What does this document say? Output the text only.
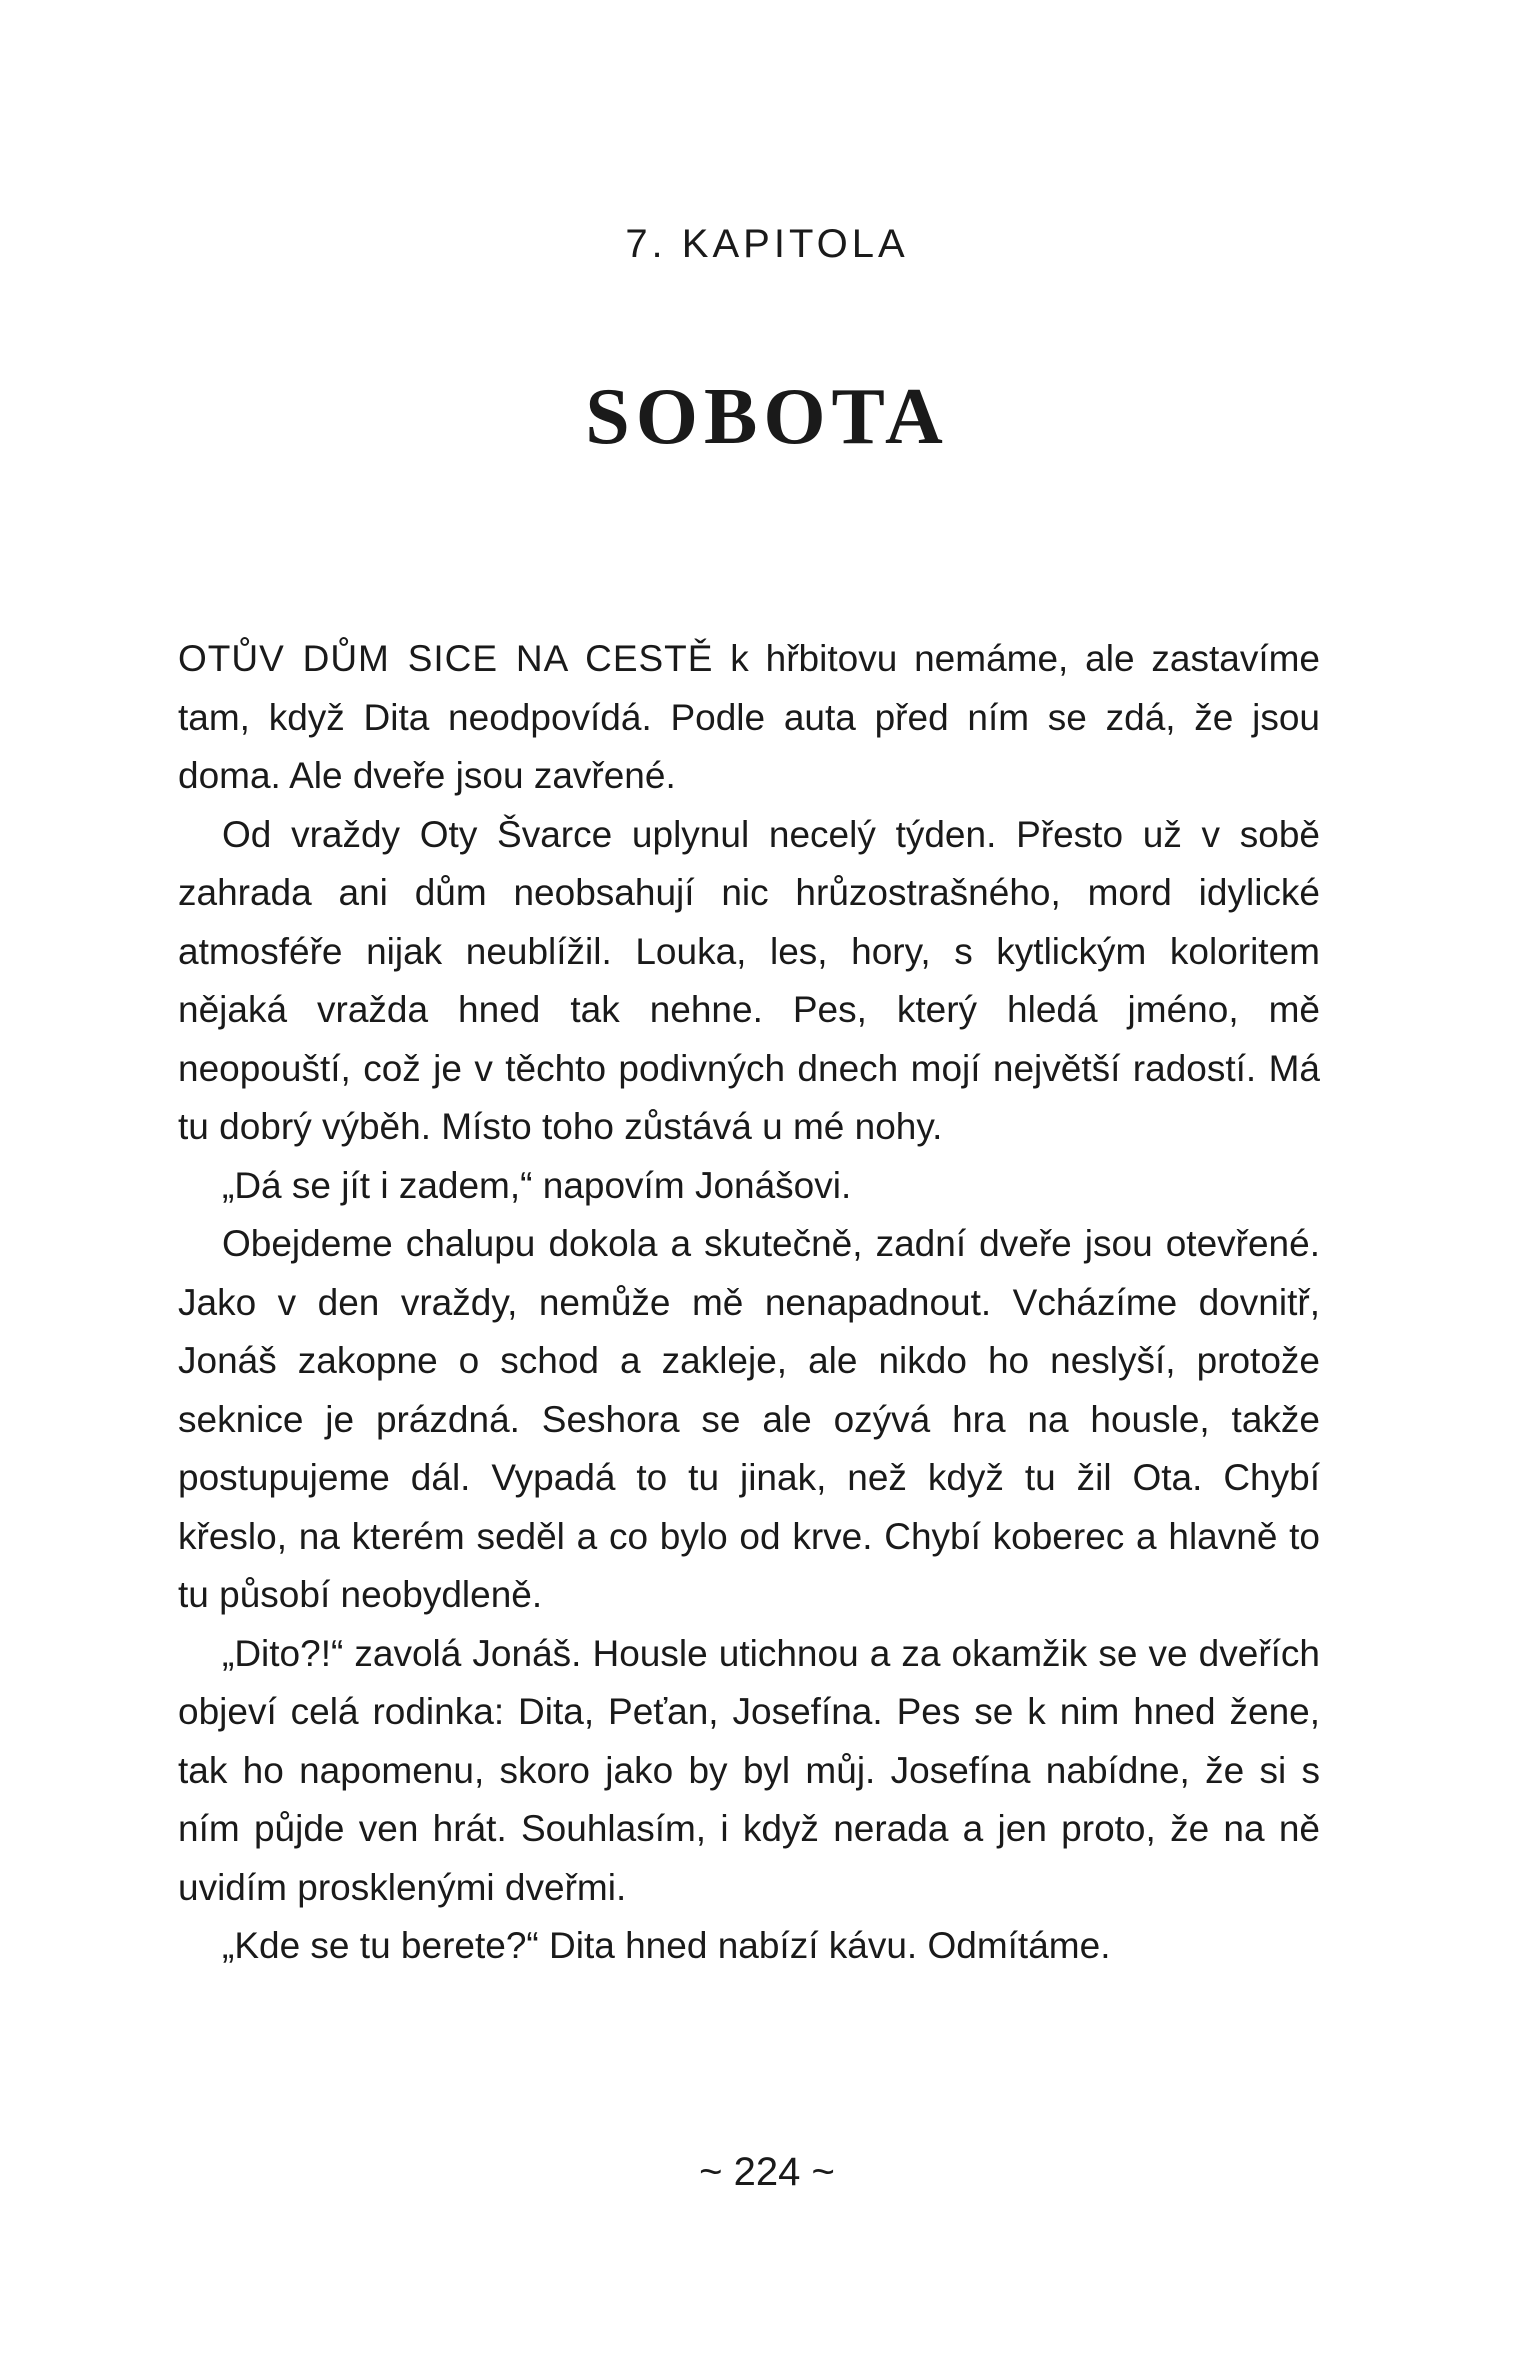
7. KAPITOLA
SOBOTA

OTŮV DŮM SICE NA CESTĚ k hřbitovu nemáme, ale zastavíme tam, když Dita neodpovídá. Podle auta před ním se zdá, že jsou doma. Ale dveře jsou zavřené.

Od vraždy Oty Švarce uplynul necelý týden. Přesto už v sobě zahrada ani dům neobsahují nic hrůzostrašného, mord idylické atmosféře nijak neublížil. Louka, les, hory, s kytlickým koloritem nějaká vražda hned tak nehne. Pes, který hledá jméno, mě neopouští, což je v těchto podivných dnech mojí největší radostí. Má tu dobrý výběh. Místo toho zůstává u mé nohy.

„Dá se jít i zadem,“ napovím Jonášovi.

Obejdeme chalupu dokola a skutečně, zadní dveře jsou otevřené. Jako v den vraždy, nemůže mě nenapadnout. Vcházíme dovnitř, Jonáš zakopne o schod a zakleje, ale nikdo ho neslyší, protože seknice je prázdná. Seshora se ale ozývá hra na housle, takže postupujeme dál. Vypadá to tu jinak, než když tu žil Ota. Chybí křeslo, na kterém seděl a co bylo od krve. Chybí koberec a hlavně to tu působí neobydleně.

„Dito?!“ zavolá Jonáš. Housle utichnou a za okamžik se ve dveřích objeví celá rodinka: Dita, Peťan, Josefína. Pes se k nim hned žene, tak ho napomenu, skoro jako by byl můj. Josefína nabídne, že si s ním půjde ven hrát. Souhlasím, i když nerada a jen proto, že na ně uvidím prosklenými dveřmi.

„Kde se tu berete?“ Dita hned nabízí kávu. Odmítáme.

~ 224 ~
